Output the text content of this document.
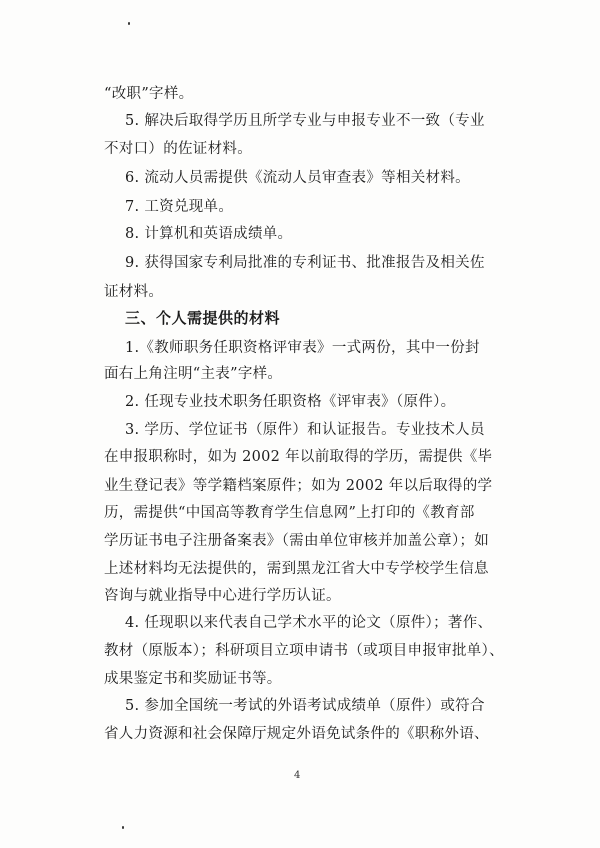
“改职”字样。
5. 解决后取得学历且所学专业与申报专业不一致（专业
不对口）的佐证材料。
6. 流动人员需提供《流动人员审查表》等相关材料。
7. 工资兑现单。
8. 计算机和英语成绩单。
9. 获得国家专利局批准的专利证书、批准报告及相关佐
证材料。
三、个人需提供的材料
1.《教师职务任职资格评审表》一式两份，其中一份封
面右上角注明“主表”字样。
2. 任现专业技术职务任职资格《评审表》（原件）。
3. 学历、学位证书（原件）和认证报告。专业技术人员
在申报职称时，如为 2002 年以前取得的学历，需提供《毕
业生登记表》等学籍档案原件；如为 2002 年以后取得的学
历，需提供“中国高等教育学生信息网”上打印的《教育部
学历证书电子注册备案表》（需由单位审核并加盖公章）；如
上述材料均无法提供的，需到黑龙江省大中专学校学生信息
咨询与就业指导中心进行学历认证。
4. 任现职以来代表自己学术水平的论文（原件）；著作、
教材（原版本）；科研项目立项申请书（或项目申报审批单）、
成果鉴定书和奖励证书等。
5. 参加全国统一考试的外语考试成绩单（原件）或符合
省人力资源和社会保障厅规定外语免试条件的《职称外语、
4
